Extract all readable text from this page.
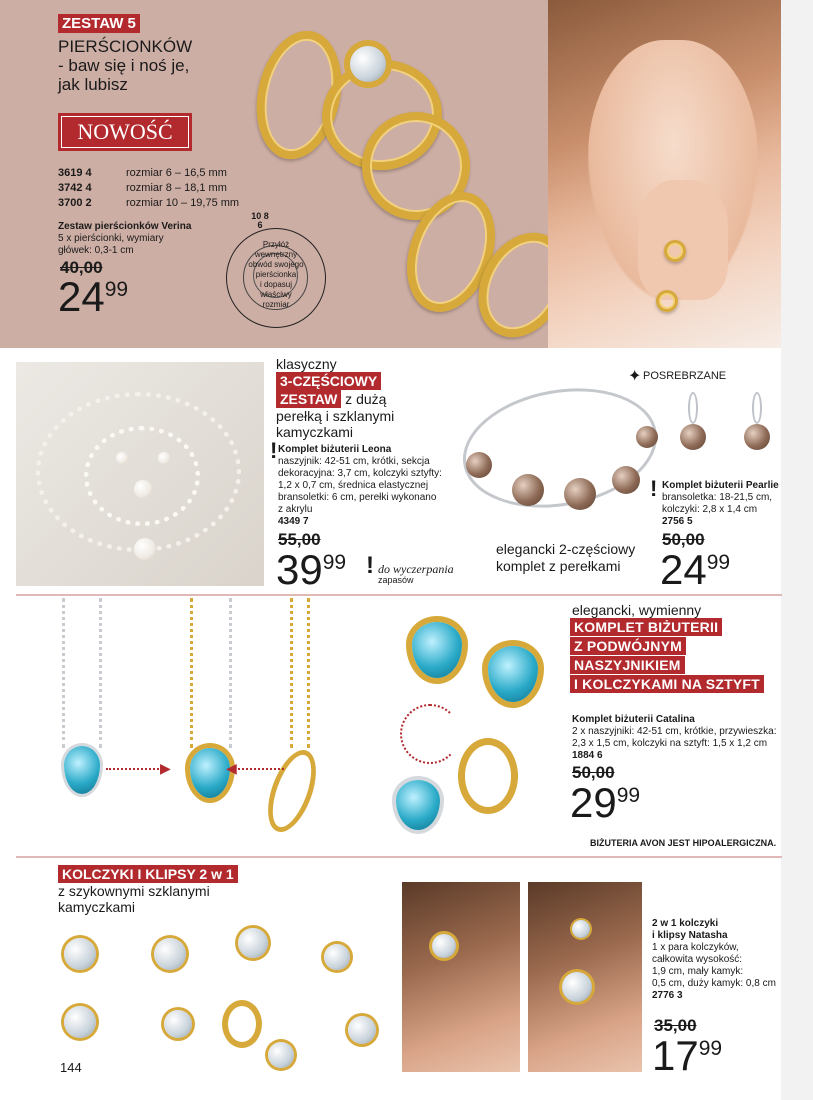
ZESTAW 5
PIERŚCIONKÓW
- baw się i noś je,
jak lubisz
NOWOŚĆ
3619 4	rozmiar 6 – 16,5 mm
3742 4	rozmiar 8 – 18,1 mm
3700 2	rozmiar 10 – 19,75 mm
Zestaw pierścionków Verina
5 x pierścionki, wymiary
główek: 0,3-1 cm
40,00
$24^{99}$
10 8 6
Przyłóż
wewnętrzny
obwód swojego
pierścionka
i dopasuj
właściwy
rozmiar
klasyczny
3-CZĘŚCIOWY
ZESTAW z dużą
perełką i szklanymi
kamyczkami
! Komplet biżuterii Leona
naszyjnik: 42-51 cm, krótki, sekcja
dekoracyjna: 3,7 cm, kolczyki sztyfty:
1,2 x 0,7 cm, średnica elastycznej
bransoletki: 6 cm, perełki wykonano
z akrylu
4349 7
55,00
$39^{99}$ ! do wyczerpania
zapasów
✦ POSREBRZANE
elegancki 2-częściowy
komplet z perełkami
! Komplet biżuterii Pearlie
bransoletka: 18-21,5 cm,
kolczyki: 2,8 x 1,4 cm
2756 5
50,00
$24^{99}$
▶	◀
elegancki, wymienny
KOMPLET BIŻUTERII
Z PODWÓJNYM
NASZYJNIKIEM
I KOLCZYKAMI NA SZTYFT
Komplet biżuterii Catalina
2 x naszyjniki: 42-51 cm, krótkie, przywieszka:
2,3 x 1,5 cm, kolczyki na sztyft: 1,5 x 1,2 cm
1884 6
50,00
$29^{99}$
BIŻUTERIA AVON JEST HIPOALERGICZNA.
KOLCZYKI I KLIPSY 2 w 1
z szykownymi szklanymi
kamyczkami
2 w 1 kolczyki
i klipsy Natasha
1 x para kolczyków,
całkowita wysokość:
1,9 cm, mały kamyk:
0,5 cm, duży kamyk: 0,8 cm
2776 3
35,00
$17^{99}$
144
